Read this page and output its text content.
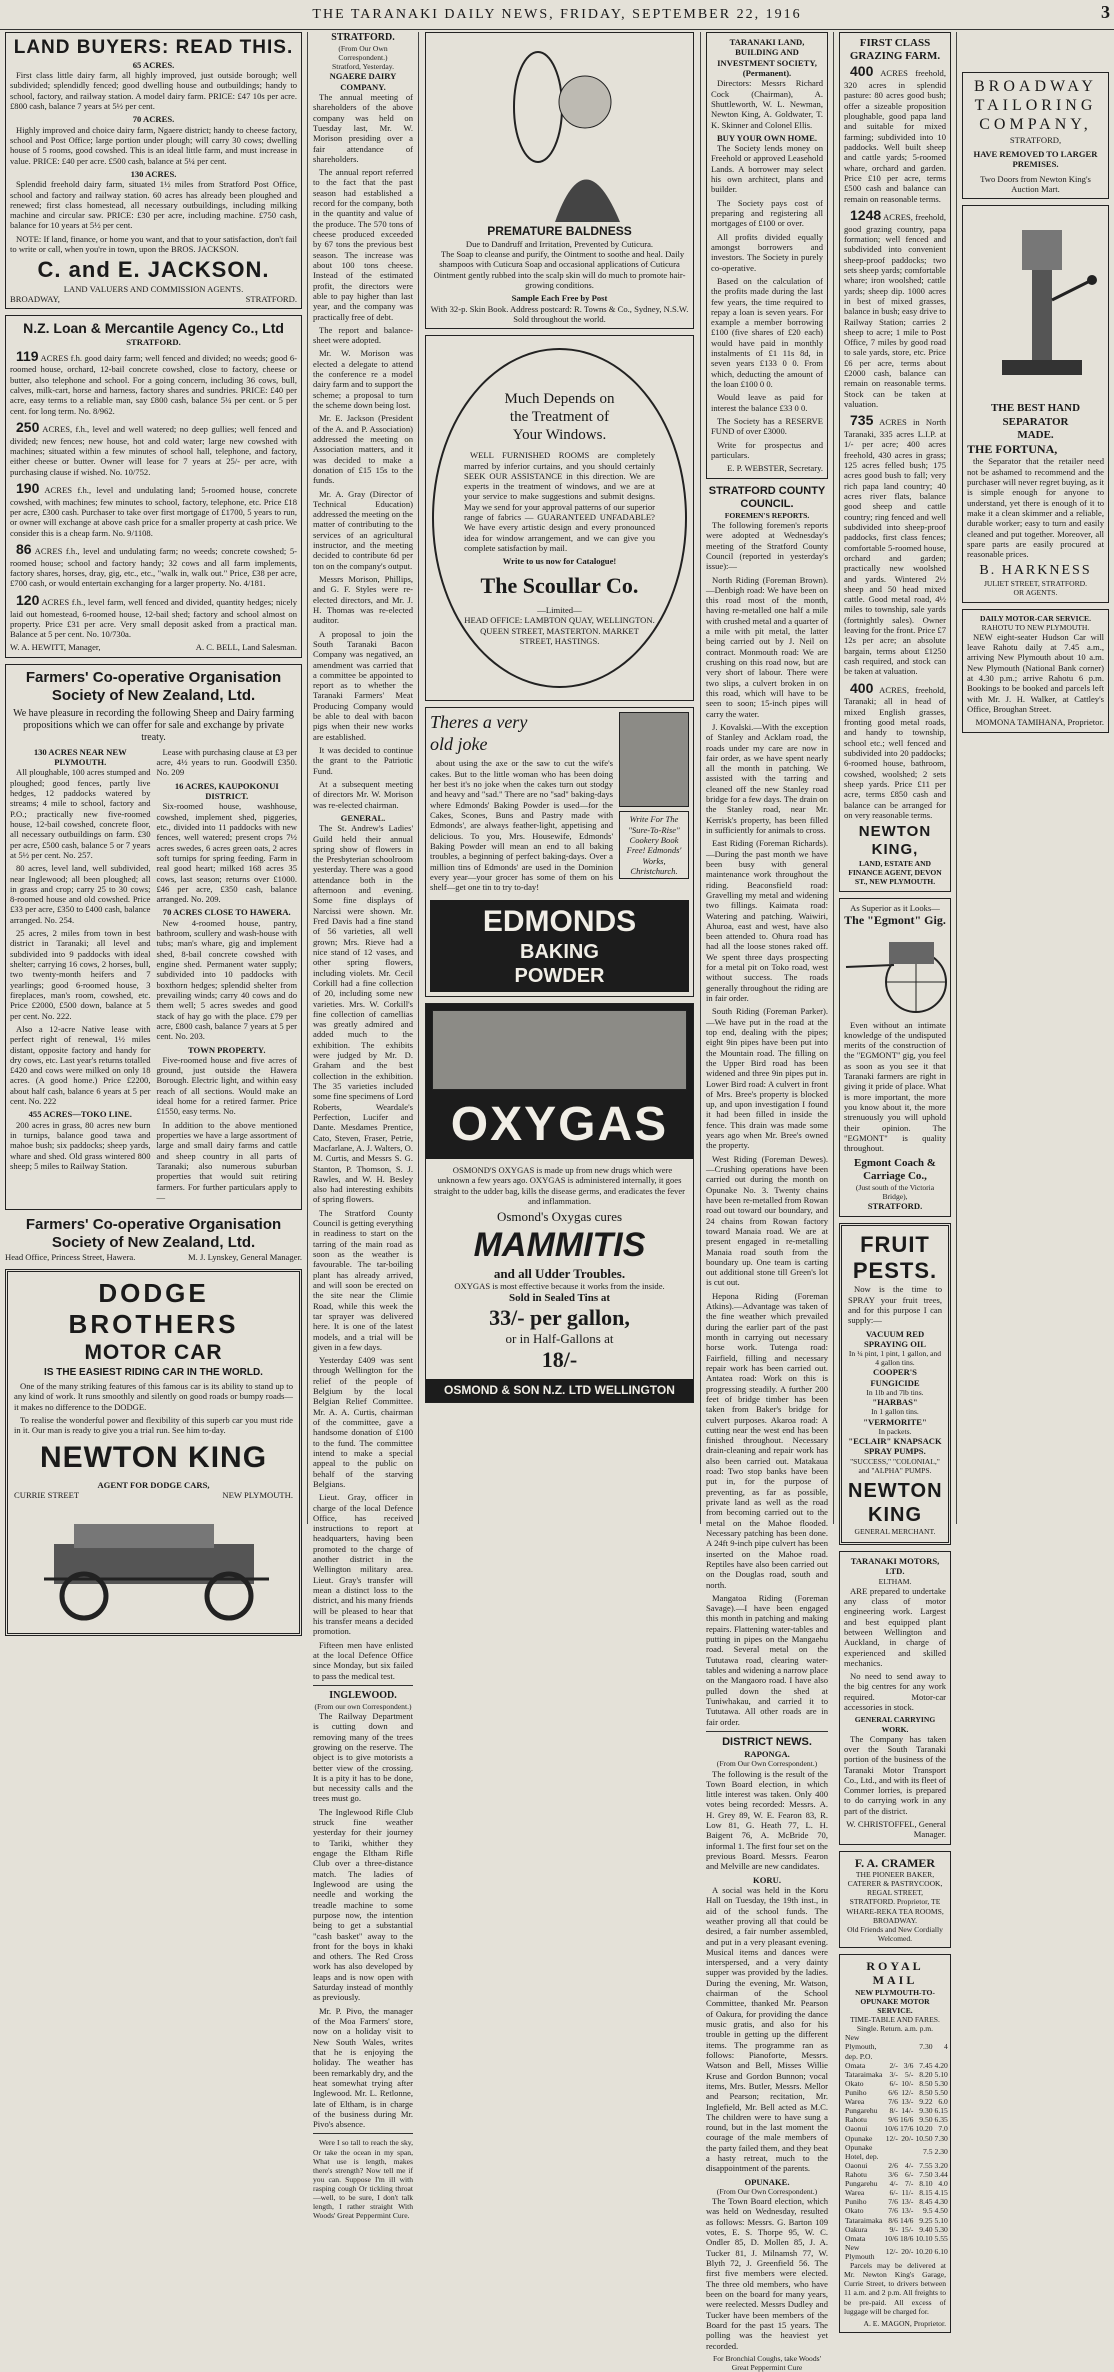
THE TARANAKI DAILY NEWS, FRIDAY, SEPTEMBER 22, 1916	3
LAND BUYERS: READ THIS.
65 ACRES.

First class little dairy farm, all highly improved, just outside borough; well subdivided; splendidly fenced; good dwelling house and outbuildings; handy to school, factory, and railway station. A model dairy farm. PRICE: £47 10s per acre. £800 cash, balance 7 years at 5½ per cent.

70 ACRES.

Highly improved and choice dairy farm, Ngaere district; handy to cheese factory, school and Post Office; large portion under plough; will carry 30 cows; dwelling house of 5 rooms, good cowshed. This is an ideal little farm, and must increase in value. PRICE: £40 per acre. £500 cash, balance at 5¼ per cent.

130 ACRES.

Splendid freehold dairy farm, situated 1½ miles from Stratford Post Office, school and factory and railway station. 60 acres has already been ploughed and renewed; first class homestead, all necessary outbuildings, including milking machine and circular saw. PRICE: £30 per acre, including machine. £750 cash, balance for 10 years at 5½ per cent.

NOTE: If land, finance, or home you want, and that to your satisfaction, don't fail to write or call, when you're in town, upon the BROS. JACKSON.

C. and E. JACKSON.
LAND VALUERS AND COMMISSION AGENTS.
BROADWAY,	STRATFORD.
N.Z. Loan & Mercantile Agency Co., Ltd
STRATFORD.

119 ACRES f.h. good dairy farm; well fenced and divided; no weeds; good 6-roomed house, orchard, 12-bail concrete cowshed, close to factory, cheese or butter, also telephone and school. For a going concern, including 36 cows, bull, calves, milk-cart, horse and harness, factory shares and sundries. PRICE: £40 per acre, easy terms to a reliable man, say £800 cash, balance 5¼ per cent. or 5 per cent. for long term. No. 8/962.

250 ACRES, f.h., level and well watered; no deep gullies; well fenced and divided; new fences; new house, hot and cold water; large new cowshed with machines; situated within a few minutes of school hall, telephone, and factory, either cheese or butter. Owner will lease for 7 years at 25/- per acre, with purchasing clause if wished. No. 10/752.

190 ACRES f.h., level and undulating land; 5-roomed house, concrete cowshed, with machines; few minutes to school, factory, telephone, etc. Price £18 per acre, £300 cash. Purchaser to take over first mortgage of £1700, 5 years to run, or owner will exchange at above cash price for a smaller property at cash price. We consider this is a cheap farm. No. 9/1108.

86 ACRES f.h., level and undulating farm; no weeds; concrete cowshed; 5-roomed house; school and factory handy; 32 cows and all farm implements, factory shares, horses, dray, gig, etc., etc., "walk in, walk out." Price, £38 per acre, £700 cash, or would entertain exchanging for a larger property. No. 4/181.

120 ACRES f.h., level farm, well fenced and divided, quantity hedges; nicely laid out homestead, 6-roomed house, 12-bail shed; factory and school almost on property. Price £31 per acre. Very small deposit asked from a practical man. Balance at 5 per cent. No. 10/730a.

W. A. HEWITT, Manager,	A. C. BELL, Land Salesman.
Farmers' Co-operative Organisation
Society of New Zealand, Ltd.
We have pleasure in recording the following Sheep and Dairy farming propositions which we can offer for sale and exchange by private treaty.
130 ACRES NEAR NEW PLYMOUTH.

All ploughable, 100 acres stumped and ploughed; good fences, partly live hedges, 12 paddocks watered by streams; 4 mile to school, factory and P.O.; practically new five-roomed house, 12-bail cowshed, concrete floor, all necessary outbuildings on farm. £30 per acre, £500 cash, balance 5 or 7 years at 5½ per cent. No. 257.

80 acres, level land, well subdivided, near Inglewood; all been ploughed; all in grass and crop; carry 25 to 30 cows; 8-roomed house and old cowshed. Price £33 per acre, £350 to £400 cash, balance arranged. No. 254.

25 acres, 2 miles from town in best district in Taranaki; all level and subdivided into 9 paddocks with ideal shelter; carrying 16 cows, 2 horses, bull, two twenty-month heifers and 7 yearlings; good 6-roomed house, 3 fireplaces, man's room, cowshed, etc. Price £2000, £500 down, balance at 5 per cent. No. 222.

Also a 12-acre Native lease with perfect right of renewal, 1½ miles distant, opposite factory and handy for dry cows, etc. Last year's returns totalled £420 and cows were milked on only 18 acres. (A good home.) Price £2200, about half cash, balance 6 years at 5 per cent. No. 222

455 ACRES—TOKO LINE.

200 acres in grass, 80 acres new burn in turnips, balance good tawa and mahoe bush; six paddocks; sheep yards, whare and shed. Old grass wintered 800 sheep; 5 miles to Railway Station.

Lease with purchasing clause at £3 per acre, 4½ years to run. Goodwill £350. No. 209

16 ACRES, KAUPOKONUI DISTRICT.

Six-roomed house, washhouse, cowshed, implement shed, piggeries, etc., divided into 11 paddocks with new fences, well watered; present crops 7½ acres swedes, 6 acres green oats, 2 acres soft turnips for spring feeding. Farm in real good heart; milked 168 acres 35 cows, last season; returns over £1000. £46 per acre, £350 cash, balance arranged. No. 209.

70 ACRES CLOSE TO HAWERA.

New 4-roomed house, pantry, bathroom, scullery and wash-house with tubs; man's whare, gig and implement shed, 8-bail concrete cowshed with engine shed. Permanent water supply; subdivided into 10 paddocks with boxthorn hedges; splendid shelter from prevailing winds; carry 40 cows and do them well; 5 acres swedes and good stack of hay go with the place. £79 per acre, £800 cash, balance 7 years at 5 per cent. No. 203.

TOWN PROPERTY.

Five-roomed house and five acres of ground, just outside the Hawera Borough. Electric light, and within easy reach of all sections. Would make an ideal home for a retired farmer. Price £1550, easy terms. No.

In addition to the above mentioned properties we have a large assortment of large and small dairy farms and cattle and sheep country in all parts of Taranaki; also numerous suburban properties that would suit retiring farmers. For further particulars apply to—

Farmers' Co-operative Organisation
Society of New Zealand, Ltd.
Head Office, Princess Street, Hawera.	M. J. Lynskey, General Manager.
DODGE BROTHERS
MOTOR CAR
IS THE EASIEST RIDING CAR IN THE WORLD.

One of the many striking features of this famous car is its ability to stand up to any kind of work. It runs smoothly and silently on good roads or bumpy roads—it makes no difference to the DODGE.

To realise the wonderful power and flexibility of this superb car you must ride in it. Our man is ready to give you a trial run. See him to-day.

NEWTON KING
AGENT FOR DODGE CARS,
CURRIE STREET	NEW PLYMOUTH.
STRATFORD.
(From Our Own Correspondent.)
Stratford, Yesterday.
NGAERE DAIRY COMPANY.

The annual meeting of shareholders of the above company was held on Tuesday last, Mr. W. Morison presiding over a fair attendance of shareholders.

The annual report referred to the fact that the past season had established a record for the company, both in the quantity and value of the produce. The 570 tons of cheese produced exceeded by 67 tons the previous best season. The increase was about 100 tons cheese. Instead of the estimated profit, the directors were able to pay higher than last year, and the company was practically free of debt.

The report and balance-sheet were adopted.

Mr. W. Morison was elected a delegate to attend the conference re a model dairy farm and to support the scheme; a proposal to turn the scheme down being lost.

Mr. E. Jackson (President of the A. and P. Association) addressed the meeting on Association matters, and it was decided to make a donation of £15 15s to the funds.

Mr. A. Gray (Director of Technical Education) addressed the meeting on the matter of contributing to the services of an agricultural instructor, and the meeting decided to contribute 6d per ton on the company's output.

Messrs Morison, Phillips, and G. F. Styles were re-elected directors, and Mr. J. H. Thomas was re-elected auditor.

A proposal to join the South Taranaki Bacon Company was negatived, an amendment was carried that a committee be appointed to report as to whether the Taranaki Farmers' Meat Producing Company would be able to deal with bacon pigs when their new works are established.

It was decided to continue the grant to the Patriotic Fund.

At a subsequent meeting of directors Mr. W. Morison was re-elected chairman.

GENERAL.

The St. Andrew's Ladies' Guild held their annual spring show of flowers in the Presbyterian schoolroom yesterday. There was a good attendance both in the afternoon and evening. Some fine displays of Narcissi were shown. Mr. Fred Davis had a fine stand of 56 varieties, all well grown; Mrs. Rieve had a nice stand of 12 vases, and other spring flowers, including violets. Mr. Cecil Corkill had a fine collection of 20, including some new varieties. Mrs. W. Corkill's fine collection of camellias was greatly admired and added much to the exhibition. The exhibits were judged by Mr. D. Graham and the best collection in the exhibition. The 35 varieties included some fine specimens of Lord Roberts, Weardale's Perfection, Lucifer and Dante. Mesdames Prentice, Cato, Steven, Fraser, Petrie, Macfarlane, A. J. Walters, O. M. Curtis, and Messrs S. G. Stanton, P. Thomson, S. J. Rawles, and W. H. Besley also had interesting exhibits of spring flowers.

The Stratford County Council is getting everything in readiness to start on the tarring of the main road as soon as the weather is favourable. The tar-boiling plant has already arrived, and will soon be erected on the site near the Climie Road, while this week the tar sprayer was delivered here. It is one of the latest models, and a trial will be given in a few days.

Yesterday £409 was sent through Wellington for the relief of the people of Belgium by the local Belgian Relief Committee. Mr. A. A. Curtis, chairman of the committee, gave a handsome donation of £100 to the fund. The committee intend to make a special appeal to the public on behalf of the starving Belgians.

Lieut. Gray, officer in charge of the local Defence Office, has received instructions to report at headquarters, having been promoted to the charge of another district in the Wellington military area. Lieut. Gray's transfer will mean a distinct loss to the district, and his many friends will be pleased to hear that his transfer means a decided promotion.

Fifteen men have enlisted at the local Defence Office since Monday, but six failed to pass the medical test.

INGLEWOOD.
(From our own Correspondent.)

The Railway Department is cutting down and removing many of the trees growing on the reserve. The object is to give motorists a better view of the crossing. It is a pity it has to be done, but necessity calls and the trees must go.

The Inglewood Rifle Club struck fine weather yesterday for their journey to Tariki, whither they engage the Eltham Rifle Club over a three-distance match. The ladies of Inglewood are using the needle and working the treadle machine to some purpose now, the intention being to get a substantial "cash basket" away to the front for the boys in khaki and others. The Red Cross work has also developed by leaps and is now open with Saturday instead of monthly as previously.

Mr. P. Pivo, the manager of the Moa Farmers' store, now on a holiday visit to New South Wales, writes that he is enjoying the holiday. The weather has been remarkably dry, and the heat somewhat trying after Inglewood. Mr. L. Retlonne, late of Eltham, is in charge of the business during Mr. Pivo's absence.

Were I so tall to reach the sky, Or take the ocean in my span, What use is length, makes there's strength? Now tell me if you can. Suppose I'm ill with rasping cough Or tickling throat—well, to be sure, I don't talk length, I rather straight With Woods' Great Peppermint Cure.

PREMATURE BALDNESS
Due to Dandruff and Irritation, Prevented by Cuticura.

The Soap to cleanse and purify, the Ointment to soothe and heal. Daily shampoos with Cuticura Soap and occasional applications of Cuticura Ointment gently rubbed into the scalp skin will do much to promote hair-growing conditions.

Sample Each Free by Post
With 32-p. Skin Book. Address postcard: R. Towns & Co., Sydney, N.S.W. Sold throughout the world.
Much Depends on
the Treatment of
Your Windows.

WELL FURNISHED ROOMS are completely marred by inferior curtains, and you should certainly SEEK OUR ASSISTANCE in this direction. We are experts in the treatment of windows, and we are at your service to make suggestions and submit designs. May we send for your approval patterns of our superior range of fabrics — GUARANTEED UNFADABLE? We have every artistic design and every pronounced idea for window arrangement, and we can give you complete satisfaction by mail.

Write to us now for Catalogue!
The Scoullar Co.
—Limited—
HEAD OFFICE: LAMBTON QUAY, WELLINGTON.
QUEEN STREET, MASTERTON. MARKET STREET, HASTINGS.
Theres a very
old joke

about using the axe or the saw to cut the wife's cakes. But to the little woman who has been doing her best it's no joke when the cakes turn out stodgy and heavy and "sad." There are no "sad" baking-days where Edmonds' Baking Powder is used—for the Cakes, Scones, Buns and Pastry made with Edmonds', are always feather-light, appetising and delicious. To you, Mrs. Housewife, Edmonds' Baking Powder will mean an end to all baking troubles, a beginning of perfect baking-days. Over a million tins of Edmonds' are used in the Dominion every year—your grocer has some of them on his shelf—get one tin to try to-day!

Write For The "Sure-To-Rise" Cookery Book Free! Edmonds' Works, Christchurch.
EDMONDS
BAKING
POWDER
OXYGAS

OSMOND'S OXYGAS is made up from new drugs which were unknown a few years ago. OXYGAS is administered internally, it goes straight to the udder bag, kills the disease germs, and eradicates the fever and inflammation.

Osmond's Oxygas cures
MAMMITIS
and all Udder Troubles.
OXYGAS is most effective because it works from the inside.
Sold in Sealed Tins at
33/- per gallon,
or in Half-Gallons at
18/-
OSMOND & SON N.Z. LTD WELLINGTON
TARANAKI LAND, BUILDING AND INVESTMENT SOCIETY, (Permanent).

Directors: Messrs Richard Cock (Chairman), A. Shuttleworth, W. L. Newman, Newton King, A. Goldwater, T. K. Skinner and Colonel Ellis.

BUY YOUR OWN HOME.

The Society lends money on Freehold or approved Leasehold Lands. A borrower may select his own architect, plans and builder.

The Society pays cost of preparing and registering all mortgages of £100 or over.

All profits divided equally amongst borrowers and investors. The Society in purely co-operative.

Based on the calculation of the profits made during the last few years, the time required to repay a loan is seven years. For example a member borrowing £100 (five shares of £20 each) would have paid in monthly instalments of £1 11s 8d, in seven years £133 0 0. From which, deducting the amount of the loan £100 0 0.

Would leave as paid for interest the balance £33 0 0.

The Society has a RESERVE FUND of over £3000.

Write for prospectus and particulars.

E. P. WEBSTER, Secretary.
STRATFORD COUNTY
COUNCIL.
FOREMEN'S REPORTS.

The following foremen's reports were adopted at Wednesday's meeting of the Stratford County Council (reported in yesterday's issue):—

North Riding (Foreman Brown).—Denbigh road: We have been on this road most of the month, having re-metalled one half a mile with crushed metal and a quarter of a mile with pit metal, the latter being carried out by J. Neil on contract. Monmouth road: We are crushing on this road now, but are very short of labour. There were two slips, a culvert broken in on this road, which will have to be seen to soon; 15-inch pipes will carry the water.

J. Kovalski.—With the exception of Stanley and Acklam road, the roads under my care are now in fair order, as we have spent nearly all the month in patching. We assisted with the tarring and cleaned off the new Stanley road bridge for a few days. The drain on the Stanley road, near Mr. Kerrisk's property, has been filled in sufficiently for animals to cross.

East Riding (Foreman Richards).—During the past month we have been busy with general maintenance work throughout the riding. Beaconsfield road: Gravelling my metal and widening two fillings. Kaimata road: Watering and patching. Waiwiri, Ahuroa, east and west, have also been attended to. Ohura road has had all the loose stones raked off. We spent three days prospecting for a metal pit on Toko road, west without success. The roads generally throughout the riding are in fair order.

South Riding (Foreman Parker).—We have put in the road at the top end, dealing with the pipes; eight 9in pipes have been put into the Mountain road. The filling on the Upper Bird road has been widened and three 9in pipes put in. Lower Bird road: A culvert in front of Mrs. Bree's property is blocked up, and upon investigation I found it had been filled in inside the fence. This drain was made some years ago when Mr. Bree's owned the property.

West Riding (Foreman Dewes).—Crushing operations have been carried out during the month on Opunake No. 3. Twenty chains have been re-metalled from Rowan road out toward our boundary, and 24 chains from Rowan factory toward Manaia road. We are at present engaged in re-metalling Manaia road south from the boundary up. One team is carting out additional stone till Green's lot is cut out.

Hepona Riding (Foreman Atkins).—Advantage was taken of the fine weather which prevailed during the earlier part of the past month in carrying out necessary horse work. Tutenga road: Fairfield, filling and necessary repair work has been carried out. Antatea road: Work on this is progressing steadily. A further 200 feet of bridge timber has been taken from Baker's bridge for culvert purposes. Akaroa road: A cutting near the west end has been finished throughout. Necessary drain-cleaning and repair work has also been carried out. Matakaua road: Two stop banks have been put in, for the purpose of preventing, as far as possible, private land as well as the road from becoming carried out to the metal on the Mahoe flooded. Necessary patching has been done. A 24ft 9-inch pipe culvert has been inserted on the Mahoe road. Reptiles have also been carried out on the Douglas road, south and north.

Mangatoa Riding (Foreman Savage).—I have been engaged this month in patching and making repairs. Flattening water-tables and putting in pipes on the Mangaehu road. Several metal on the Tututawa road, clearing water-tables and widening a narrow place on the Mangaoro road. I have also pulled down the shed at Tuniwhakau, and carried it to Tututawa. All other roads are in fair order.

DISTRICT NEWS.
RAPONGA.
(From Our Own Correspondent.)

The following is the result of the Town Board election, in which little interest was taken. Only 400 votes being recorded: Messrs. A. H. Grey 89, W. E. Fearon 83, R. Low 81, G. Heath 77, L. H. Baigent 76, A. McBride 70, informal 1. The first four set on the previous Board. Messrs. Fearon and Melville are new candidates.

KORU.

A social was held in the Koru Hall on Tuesday, the 19th inst., in aid of the school funds. The weather proving all that could be desired, a fair number assembled, and put in a very pleasant evening. Musical items and dances were interspersed, and a very dainty supper was provided by the ladies. During the evening, Mr. Watson, chairman of the School Committee, thanked Mr. Pearson of Oakura, for providing the dance music gratis, and also for his trouble in getting up the different items. The programme ran as follows: Pianoforte, Messrs. Watson and Bell, Misses Willie Kruse and Gordon Bunnon; vocal items, Mrs. Butler, Messrs. Mellor and Pearson; recitation, Mr. Inglefield, Mr. Bell acted as M.C. The children were to have sung a round, but in the last moment the courage of the male members of the party failed them, and they beat a hasty retreat, much to the disappointment of the parents.

OPUNAKE.
(From Our Own Correspondent.)

The Town Board election, which was held on Wednesday, resulted as follows: Messrs. G. Barton 109 votes, E. S. Thorpe 95, W. C. Ondler 85, D. Mollen 85, J. A. Tucker 81, J. Milnamsh 77, W. Blyth 72, J. Greenfield 56. The first five members were elected. The three old members, who have been on the board for many years, were reelected. Messrs Dudley and Tucker have been members of the Board for the past 15 years. The polling was the heaviest yet recorded.

For Bronchial Coughs, take Woods' Great Peppermint Cure
FIRST CLASS GRAZING FARM.

400 ACRES freehold, 320 acres in splendid pasture: 80 acres good bush; offer a sizeable proposition ploughable, good papa land and suitable for mixed farming; subdivided into 10 paddocks. Well built sheep and cattle yards; 5-roomed whare, orchard and garden. Price £10 per acre, terms £500 cash and balance can remain on reasonable terms.

1248 ACRES, freehold, good grazing country, papa formation; well fenced and subdivided into convenient sheep-proof paddocks; two sets sheep yards; comfortable whare; iron woolshed; cattle yards; sheep dip. 1000 acres in best of mixed grasses, balance in bush; easy drive to Railway Station; carries 2 sheep to acre; 1 mile to Post Office, 7 miles by good road to sale yards, store, etc. Price £6 per acre, terms about £2000 cash, balance can remain on reasonable terms. Stock can be taken at valuation.

735 ACRES in North Taranaki, 335 acres L.I.P. at 1/- per acre; 400 acres freehold, 430 acres in grass; 125 acres felled bush; 175 acres good bush to fall; very rich papa land country; 40 acres river flats, balance good sheep and cattle country; ring fenced and well subdivided into sheep-proof paddocks, first class fences; comfortable 5-roomed house, orchard and garden; practically new woolshed and yards. Wintered 2½ sheep and 50 head mixed cattle. Good metal road, 4½ miles to township, sale yards (fortnightly sales). Owner leaving for the front. Price £7 12s per acre; an absolute bargain, terms about £1250 cash required, and stock can be taken at valuation.

400 ACRES, freehold, Taranaki; all in head of mixed English grasses, fronting good metal roads, and handy to township, school etc.; well fenced and subdivided into 20 paddocks; 6-roomed house, bathroom, cowshed, woolshed; 2 sets sheep yards. Price £11 per acre, terms £850 cash and balance can be arranged for on very reasonable terms.

NEWTON KING,
LAND, ESTATE AND FINANCE AGENT, DEVON ST., NEW PLYMOUTH.
As Superior as it Looks—
The "Egmont" Gig.

Even without an intimate knowledge of the undisputed merits of the construction of the "EGMONT" gig, you feel as soon as you see it that Taranaki farmers are right in giving it pride of place. What is more important, the more you know about it, the more strenuously you will uphold their opinion. The "EGMONT" is quality throughout.

Egmont Coach & Carriage Co.,
(Just south of the Victoria Bridge),
STRATFORD.
FRUIT PESTS.

Now is the time to SPRAY your fruit trees, and for this purpose I can supply:—

VACUUM RED SPRAYING OIL
In ¼ pint, 1 pint, 1 gallon, and 4 gallon tins.
COOPER'S FUNGICIDE
In 1lb and 7lb tins.
"HARBAS"
In 1 gallon tins.
"VERMORITE"
In packets.
"ECLAIR" KNAPSACK SPRAY PUMPS.
"SUCCESS," "COLONIAL," and "ALPHA" PUMPS.
NEWTON KING
GENERAL MERCHANT.
TARANAKI MOTORS, LTD.
ELTHAM.

ARE prepared to undertake any class of motor engineering work. Largest and best equipped plant between Wellington and Auckland, in charge of experienced and skilled mechanics.

No need to send away to the big centres for any work required. Motor-car accessories in stock.

GENERAL CARRYING WORK.

The Company has taken over the South Taranaki portion of the business of the Taranaki Motor Transport Co., Ltd., and with its fleet of Commer lorries, is prepared to do carrying work in any part of the district.

W. CHRISTOFFEL, General Manager.
F. A. CRAMER
THE PIONEER BAKER, CATERER & PASTRYCOOK,
REGAL STREET, STRATFORD. Proprietor, TE WHARE-REKA TEA ROOMS, BROADWAY.
Old Friends and New Cordially Welcomed.
ROYAL MAIL
NEW PLYMOUTH-TO-OPUNAKE MOTOR SERVICE.
TIME-TABLE AND FARES.
Single. Return. a.m. p.m.
New Plymouth, dep. P.O.			7.30	4
Omata	2/-	3/6	7.45	4.20
Tataraimaka	3/-	5/-	8.20	5.10
Okato	6/-	10/-	8.50	5.30
Puniho	6/6	12/-	8.50	5.50
Warea	7/6	13/-	9.22	6.0
Pungarehu	8/-	14/-	9.30	6.15
Rahotu	9/6	16/6	9.50	6.35
Oaonui	10/6	17/6	10.20	7.0
Opunake	12/-	20/-	10.50	7.30
Opunake Hotel, dep.			7.5	2.30
Oaonui	2/6	4/-	7.55	3.20
Rahotu	3/6	6/-	7.50	3.44
Pungarehu	4/-	7/-	8.10	4.0
Warea	6/-	11/-	8.15	4.15
Puniho	7/6	13/-	8.45	4.30
Okato	7/6	13/-	9.5	4.50
Tataraimaka	8/6	14/6	9.25	5.10
Oakura	9/-	15/-	9.40	5.30
Omata	10/6	18/6	10.10	5.55
New Plymouth	12/-	20/-	10.20	6.10

Parcels may be delivered at Mr. Newton King's Garage, Currie Street, to drivers between 11 a.m. and 2 p.m. All freights to be pre-paid. All excess of luggage will be charged for.

A. E. MAGON, Proprietor.
BROADWAY
TAILORING
COMPANY,
STRATFORD,
HAVE REMOVED TO LARGER PREMISES.
Two Doors from Newton King's Auction Mart.
THE BEST HAND SEPARATOR
MADE.
THE FORTUNA,

the Separator that the retailer need not be ashamed to recommend and the purchaser will never regret buying, as it is simple enough for anyone to understand, yet there is enough of it to make it a clean skimmer and a reliable, durable worker; easy to turn and easily cleaned and put together. Moreover, all spare parts are easily procured at reasonable prices.

B. HARKNESS
JULIET STREET, STRATFORD.
OR AGENTS.
DAILY MOTOR-CAR SERVICE.
RAHOTU TO NEW PLYMOUTH.

NEW eight-seater Hudson Car will leave Rahotu daily at 7.45 a.m., arriving New Plymouth about 10 a.m. New Plymouth (National Bank corner) at 4.30 p.m.; arrive Rahotu 6 p.m. Bookings to be booked and parcels left with Mr. J. H. Walker, at Cattley's Office, Broughan Street.

MOMONA TAMIHANA, Proprietor.
